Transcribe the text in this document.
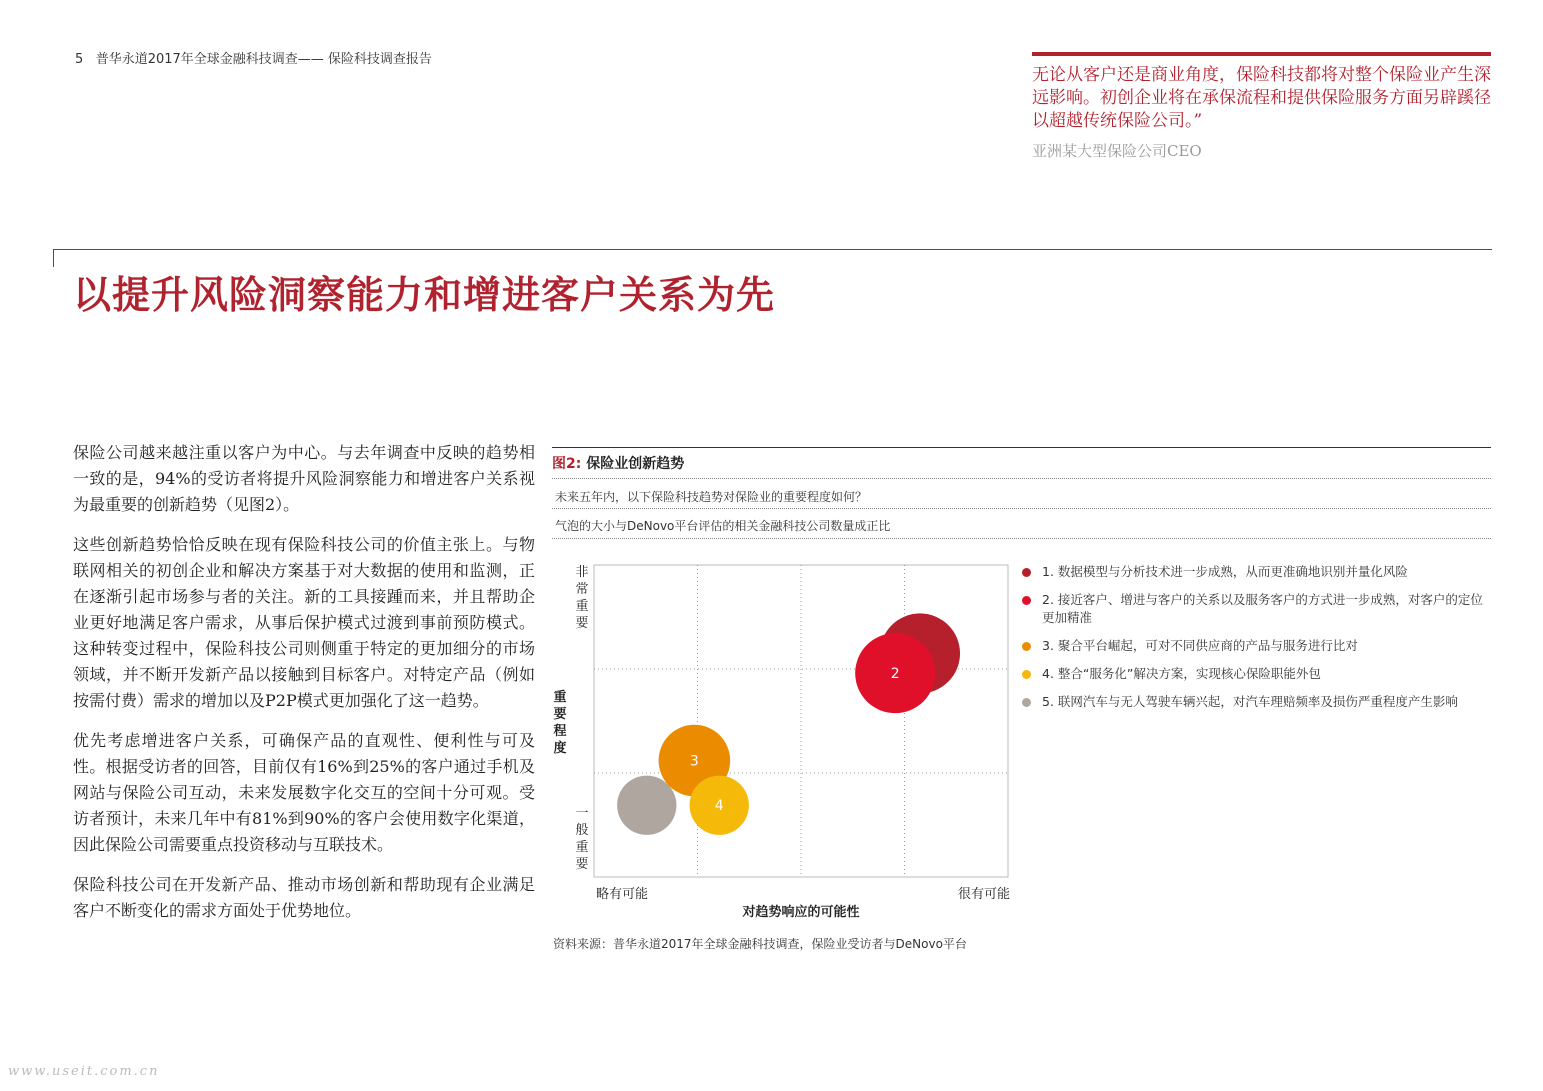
5 普华永道2017年全球金融科技调查—— 保险科技调查报告
无论从客户还是商业角度，保险科技都将对整个保险业产生深远影响。初创企业将在承保流程和提供保险服务方面另辟蹊径以超越传统保险公司。”
亚洲某大型保险公司CEO
以提升风险洞察能力和增进客户关系为先

保险公司越来越注重以客户为中心。与去年调查中反映的趋势相一致的是，94%的受访者将提升风险洞察能力和增进客户关系视为最重要的创新趋势（见图2）。

这些创新趋势恰恰反映在现有保险科技公司的价值主张上。与物联网相关的初创企业和解决方案基于对大数据的使用和监测，正在逐渐引起市场参与者的关注。新的工具接踵而来，并且帮助企业更好地满足客户需求，从事后保护模式过渡到事前预防模式。这种转变过程中，保险科技公司则侧重于特定的更加细分的市场领域，并不断开发新产品以接触到目标客户。对特定产品（例如按需付费）需求的增加以及P2P模式更加强化了这一趋势。

优先考虑增进客户关系，可确保产品的直观性、便利性与可及性。根据受访者的回答，目前仅有16%到25%的客户通过手机及网站与保险公司互动，未来发展数字化交互的空间十分可观。受访者预计，未来几年中有81%到90%的客户会使用数字化渠道，因此保险公司需要重点投资移动与互联技术。

保险科技公司在开发新产品、推动市场创新和帮助现有企业满足客户不断变化的需求方面处于优势地位。

图2: 保险业创新趋势
未来五年内，以下保险科技趋势对保险业的重要程度如何？
气泡的大小与DeNovo平台评估的相关金融科技公司数量成正比
2
3
4
非
常
重
要
一
般
重
要
重
要
程
度
略有可能	很有可能
对趋势响应的可能性
1. 数据模型与分析技术进一步成熟，从而更准确地识别并量化风险
2. 接近客户、增进与客户的关系以及服务客户的方式进一步成熟，对客户的定位更加精准
3. 聚合平台崛起，可对不同供应商的产品与服务进行比对
4. 整合“服务化”解决方案，实现核心保险职能外包
5. 联网汽车与无人驾驶车辆兴起，对汽车理赔频率及损伤严重程度产生影响
资料来源：普华永道2017年全球金融科技调查，保险业受访者与DeNovo平台
www.useit.com.cn
